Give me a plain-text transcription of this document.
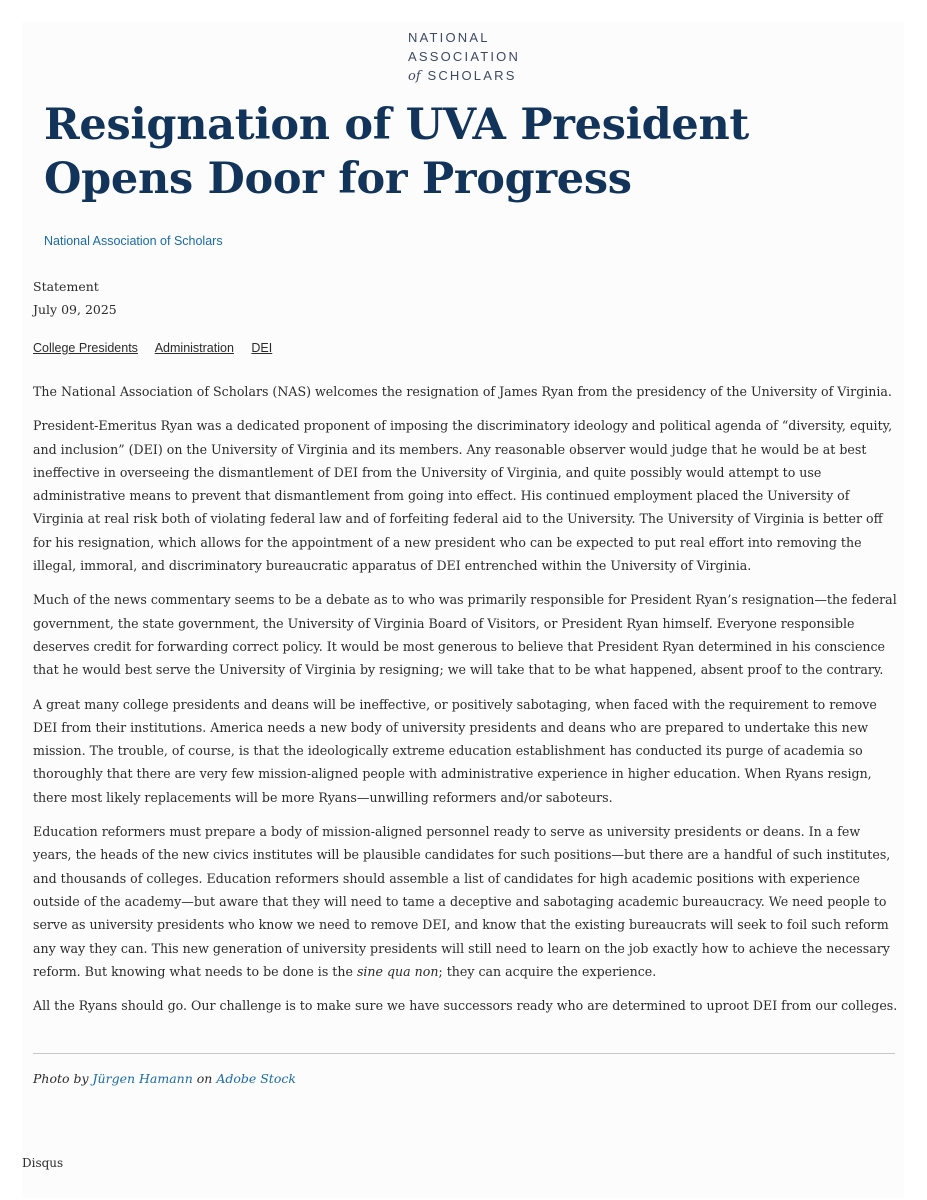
NATIONAL
ASSOCIATION
of SCHOLARS
Resignation of UVA President Opens Door for Progress
National Association of Scholars
Statement
July 09, 2025
College Presidents Administration DEI

The National Association of Scholars (NAS) welcomes the resignation of James Ryan from the presidency of the University of Virginia.

President-Emeritus Ryan was a dedicated proponent of imposing the discriminatory ideology and political agenda of “diversity, equity, and inclusion” (DEI) on the University of Virginia and its members. Any reasonable observer would judge that he would be at best ineffective in overseeing the dismantlement of DEI from the University of Virginia, and quite possibly would attempt to use administrative means to prevent that dismantlement from going into effect. His continued employment placed the University of Virginia at real risk both of violating federal law and of forfeiting federal aid to the University. The University of Virginia is better off for his resignation, which allows for the appointment of a new president who can be expected to put real effort into removing the illegal, immoral, and discriminatory bureaucratic apparatus of DEI entrenched within the University of Virginia.

Much of the news commentary seems to be a debate as to who was primarily responsible for President Ryan’s resignation—the federal government, the state government, the University of Virginia Board of Visitors, or President Ryan himself. Everyone responsible deserves credit for forwarding correct policy. It would be most generous to believe that President Ryan determined in his conscience that he would best serve the University of Virginia by resigning; we will take that to be what happened, absent proof to the contrary.

A great many college presidents and deans will be ineffective, or positively sabotaging, when faced with the requirement to remove DEI from their institutions. America needs a new body of university presidents and deans who are prepared to undertake this new mission. The trouble, of course, is that the ideologically extreme education establishment has conducted its purge of academia so thoroughly that there are very few mission-aligned people with administrative experience in higher education. When Ryans resign, there most likely replacements will be more Ryans—unwilling reformers and/or saboteurs.

Education reformers must prepare a body of mission-aligned personnel ready to serve as university presidents or deans. In a few years, the heads of the new civics institutes will be plausible candidates for such positions—but there are a handful of such institutes, and thousands of colleges. Education reformers should assemble a list of candidates for high academic positions with experience outside of the academy—but aware that they will need to tame a deceptive and sabotaging academic bureaucracy. We need people to serve as university presidents who know we need to remove DEI, and know that the existing bureaucrats will seek to foil such reform any way they can. This new generation of university presidents will still need to learn on the job exactly how to achieve the necessary reform. But knowing what needs to be done is the sine qua non; they can acquire the experience.

All the Ryans should go. Our challenge is to make sure we have successors ready who are determined to uproot DEI from our colleges.

Photo by Jürgen Hamann on Adobe Stock
Disqus
